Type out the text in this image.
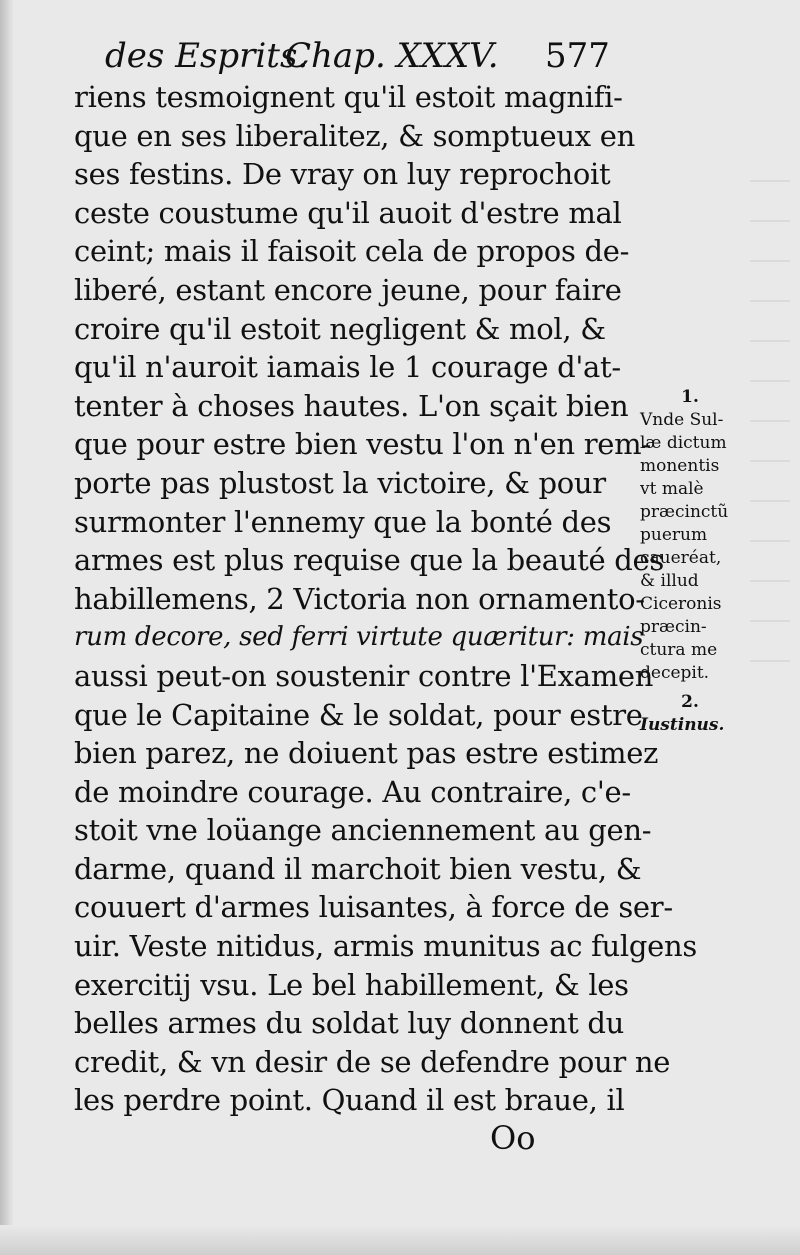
des Esprits.
Chap. XXXV. 577
riens tesmoignent qu'il estoit magnifi-
que en ses liberalitez, & somptueux en
ses festins. De vray on luy reprochoit
ceste coustume qu'il auoit d'estre mal
ceint; mais il faisoit cela de propos de-
liberé, estant encore jeune, pour faire
croire qu'il estoit negligent & mol, &
qu'il n'auroit iamais le 1 courage d'at-
tenter à choses hautes. L'on sçait bien
que pour estre bien vestu l'on n'en rem-
porte pas plustost la victoire, & pour
surmonter l'ennemy que la bonté des
armes est plus requise que la beauté des
habillemens, 2 Victoria non ornamento-
rum decore, sed ferri virtute quæritur: mais
aussi peut-on soustenir contre l'Examen
que le Capitaine & le soldat, pour estre
bien parez, ne doiuent pas estre estimez
de moindre courage. Au contraire, c'e-
stoit vne loüange anciennement au gen-
darme, quand il marchoit bien vestu, &
couuert d'armes luisantes, à force de ser-
uir. Veste nitidus, armis munitus ac fulgens
exercitij vsu. Le bel habillement, & les
belles armes du soldat luy donnent du
credit, & vn desir de se defendre pour ne
les perdre point. Quand il est braue, il
1.
Vnde Sul-
læ dictum
monentis
vt malè
præcinctũ
puerum
caueréat,
& illud
Ciceronis
præcin-
ctura me
decepit.
2.
Iustinus.
Oo
